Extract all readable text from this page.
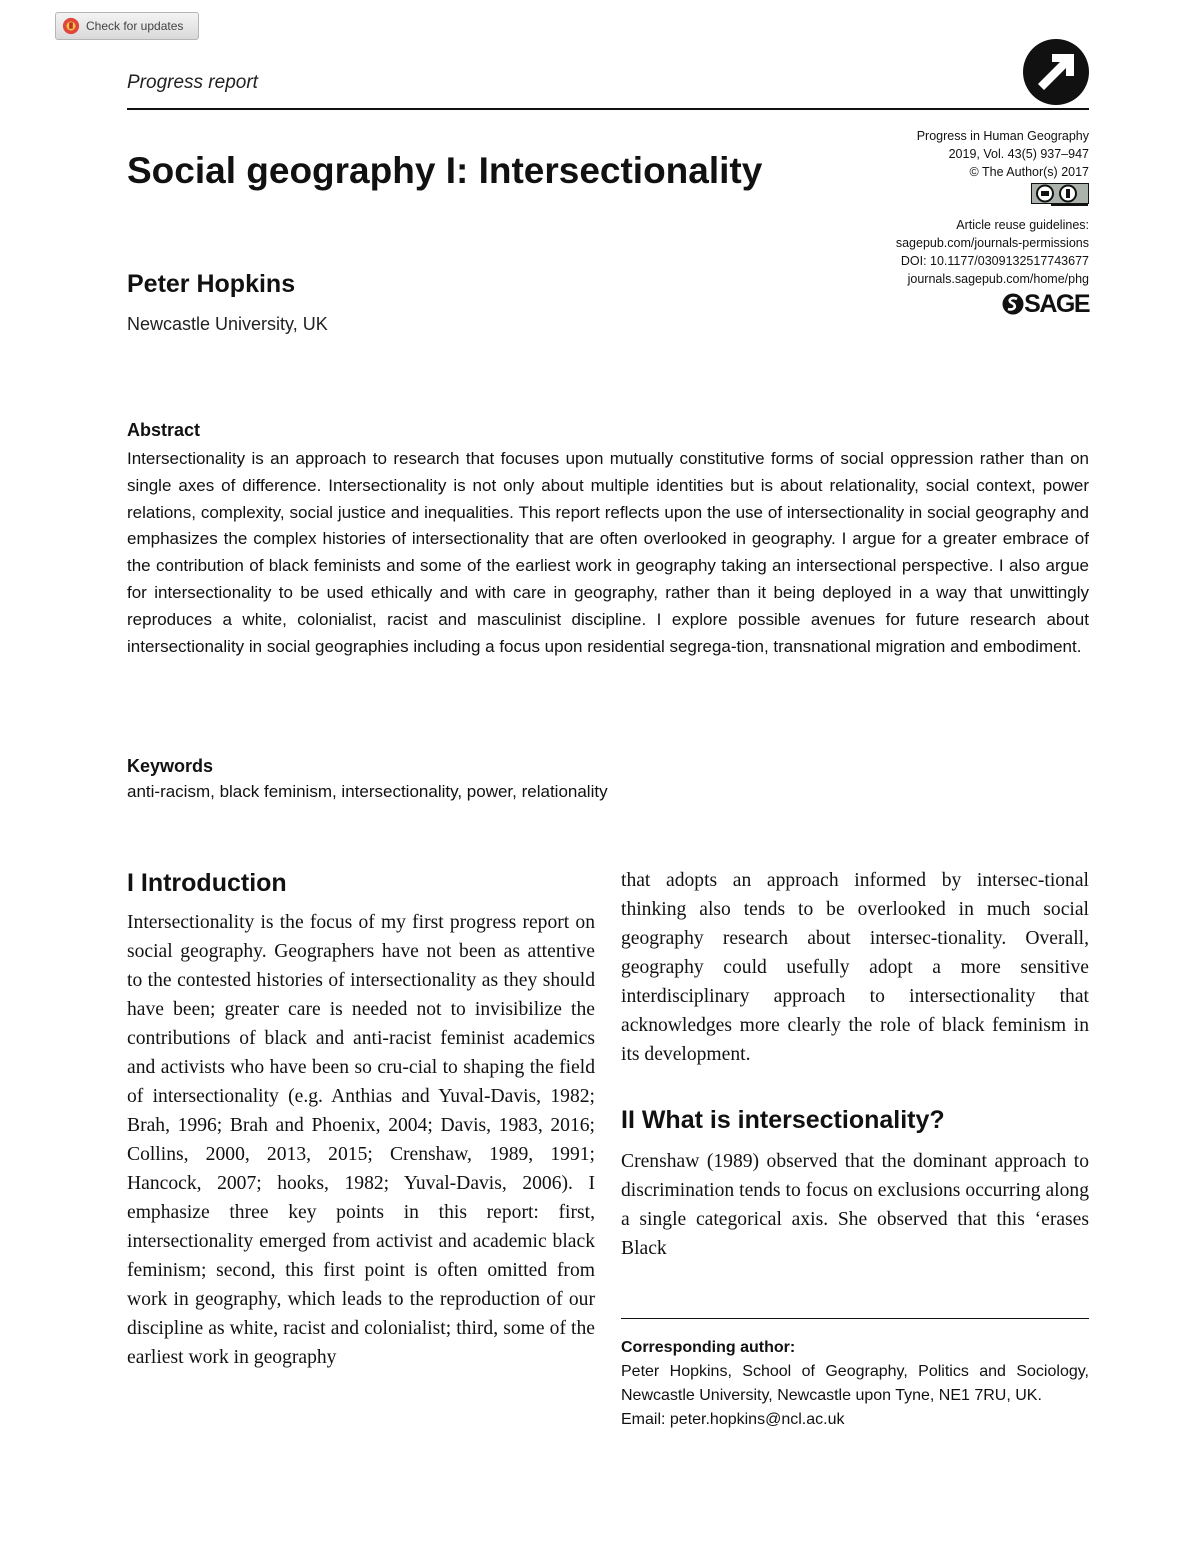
Check for updates
Progress report
Social geography I: Intersectionality
Peter Hopkins
Newcastle University, UK
Progress in Human Geography
2019, Vol. 43(5) 937–947
© The Author(s) 2017
Article reuse guidelines:
sagepub.com/journals-permissions
DOI: 10.1177/0309132517743677
journals.sagepub.com/home/phg
SAGE
Abstract

Intersectionality is an approach to research that focuses upon mutually constitutive forms of social oppression rather than on single axes of difference. Intersectionality is not only about multiple identities but is about relationality, social context, power relations, complexity, social justice and inequalities. This report reflects upon the use of intersectionality in social geography and emphasizes the complex histories of intersectionality that are often overlooked in geography. I argue for a greater embrace of the contribution of black feminists and some of the earliest work in geography taking an intersectional perspective. I also argue for intersectionality to be used ethically and with care in geography, rather than it being deployed in a way that unwittingly reproduces a white, colonialist, racist and masculinist discipline. I explore possible avenues for future research about intersectionality in social geographies including a focus upon residential segrega-tion, transnational migration and embodiment.

Keywords
anti-racism, black feminism, intersectionality, power, relationality
I Introduction

Intersectionality is the focus of my first progress report on social geography. Geographers have not been as attentive to the contested histories of intersectionality as they should have been; greater care is needed not to invisibilize the contributions of black and anti-racist feminist academics and activists who have been so cru-cial to shaping the field of intersectionality (e.g. Anthias and Yuval-Davis, 1982; Brah, 1996; Brah and Phoenix, 2004; Davis, 1983, 2016; Collins, 2000, 2013, 2015; Crenshaw, 1989, 1991; Hancock, 2007; hooks, 1982; Yuval-Davis, 2006). I emphasize three key points in this report: first, intersectionality emerged from activist and academic black feminism; second, this first point is often omitted from work in geography, which leads to the reproduction of our discipline as white, racist and colonialist; third, some of the earliest work in geography

that adopts an approach informed by intersec-tional thinking also tends to be overlooked in much social geography research about intersec-tionality. Overall, geography could usefully adopt a more sensitive interdisciplinary approach to intersectionality that acknowledges more clearly the role of black feminism in its development.

II What is intersectionality?

Crenshaw (1989) observed that the dominant approach to discrimination tends to focus on exclusions occurring along a single categorical axis. She observed that this ‘erases Black

Corresponding author:
Peter Hopkins, School of Geography, Politics and Sociology, Newcastle University, Newcastle upon Tyne, NE1 7RU, UK.
Email: peter.hopkins@ncl.ac.uk
